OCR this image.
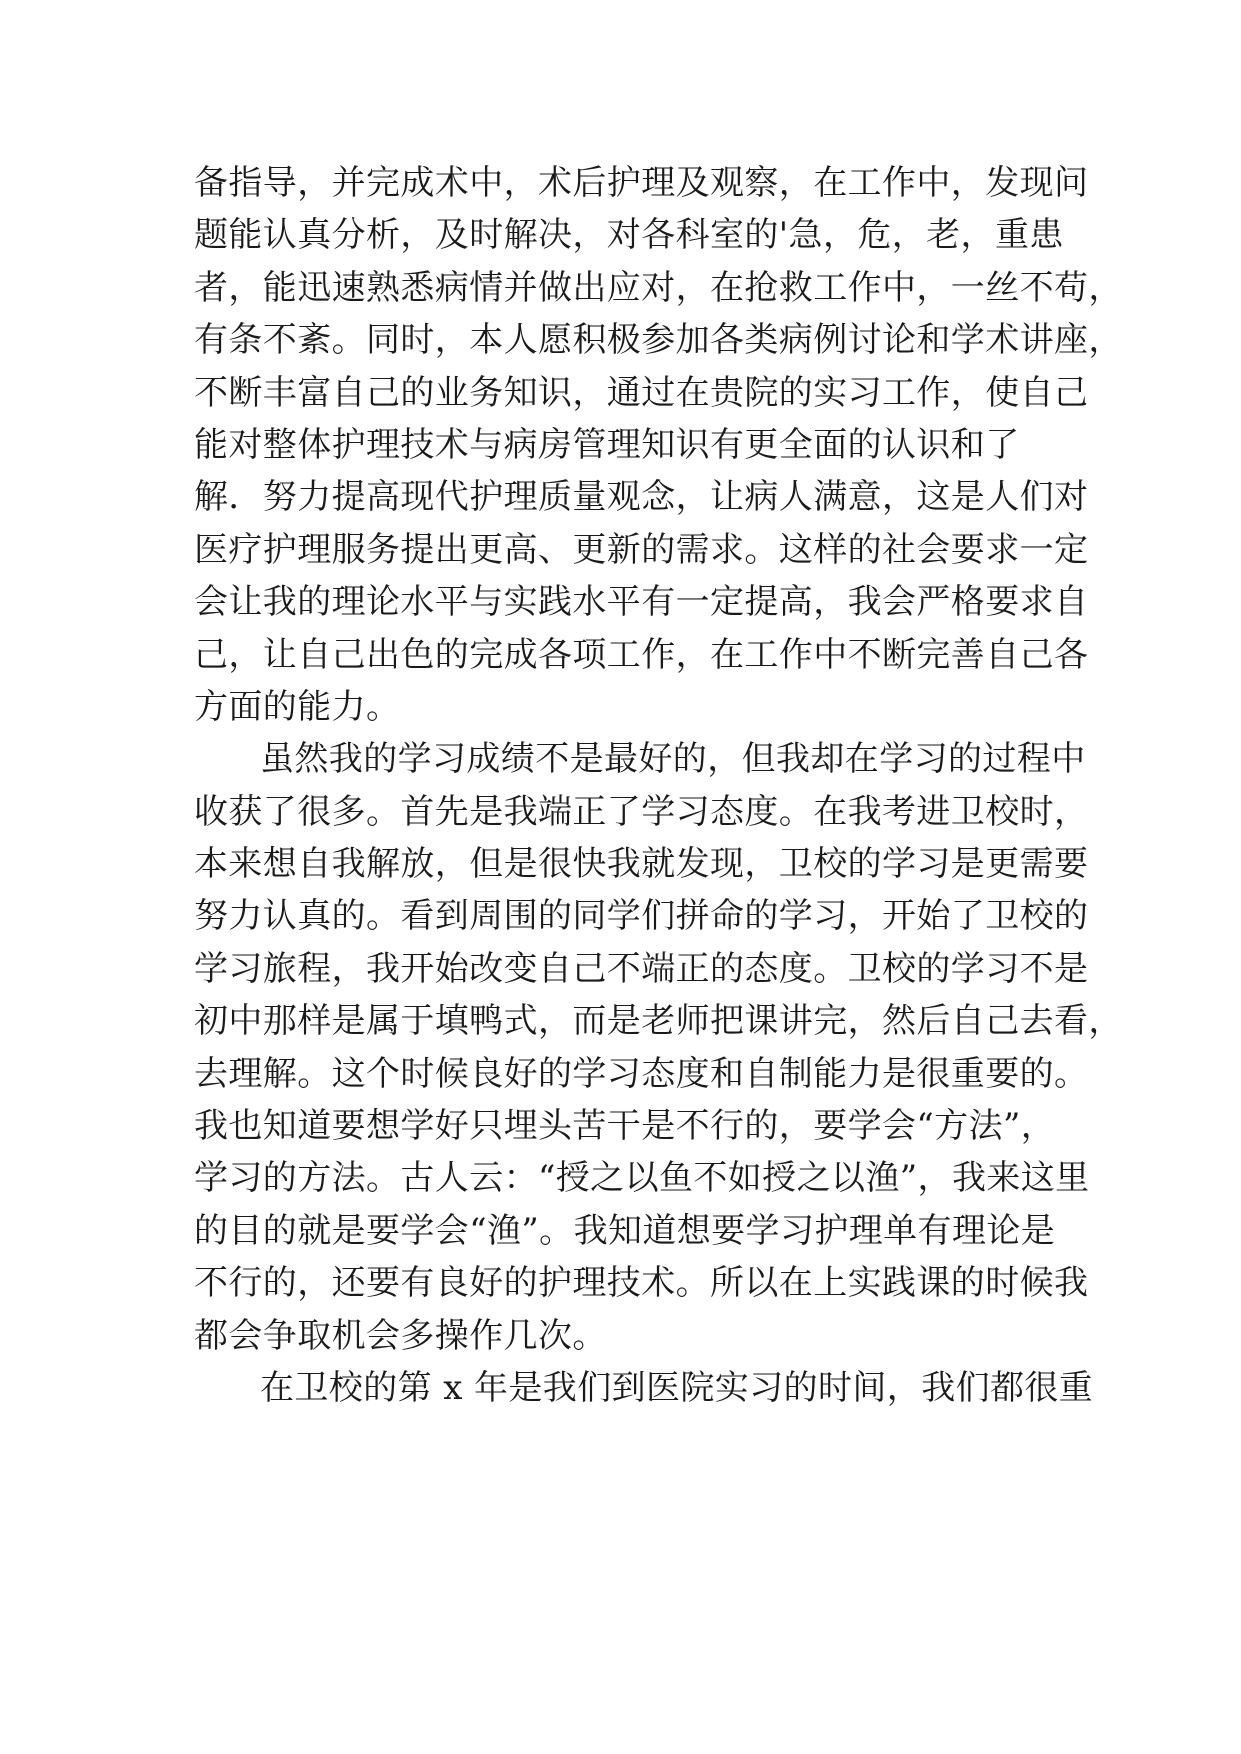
备指导，并完成术中，术后护理及观察，在工作中，发现问
题能认真分析，及时解决，对各科室的'急，危，老，重患
者，能迅速熟悉病情并做出应对，在抢救工作中，一丝不苟，
有条不紊。同时，本人愿积极参加各类病例讨论和学术讲座，
不断丰富自己的业务知识，通过在贵院的实习工作，使自己
能对整体护理技术与病房管理知识有更全面的认识和了
解．努力提高现代护理质量观念，让病人满意，这是人们对
医疗护理服务提出更高、更新的需求。这样的社会要求一定
会让我的理论水平与实践水平有一定提高，我会严格要求自
己，让自己出色的完成各项工作，在工作中不断完善自己各
方面的能力。
虽然我的学习成绩不是最好的，但我却在学习的过程中
收获了很多。首先是我端正了学习态度。在我考进卫校时，
本来想自我解放，但是很快我就发现，卫校的学习是更需要
努力认真的。看到周围的同学们拼命的学习，开始了卫校的
学习旅程，我开始改变自己不端正的态度。卫校的学习不是
初中那样是属于填鸭式，而是老师把课讲完，然后自己去看，
去理解。这个时候良好的学习态度和自制能力是很重要的。
我也知道要想学好只埋头苦干是不行的，要学会“方法”，
学习的方法。古人云：“授之以鱼不如授之以渔”，我来这里
的目的就是要学会“渔”。我知道想要学习护理单有理论是
不行的，还要有良好的护理技术。所以在上实践课的时候我
都会争取机会多操作几次。
在卫校的第 x 年是我们到医院实习的时间，我们都很重
